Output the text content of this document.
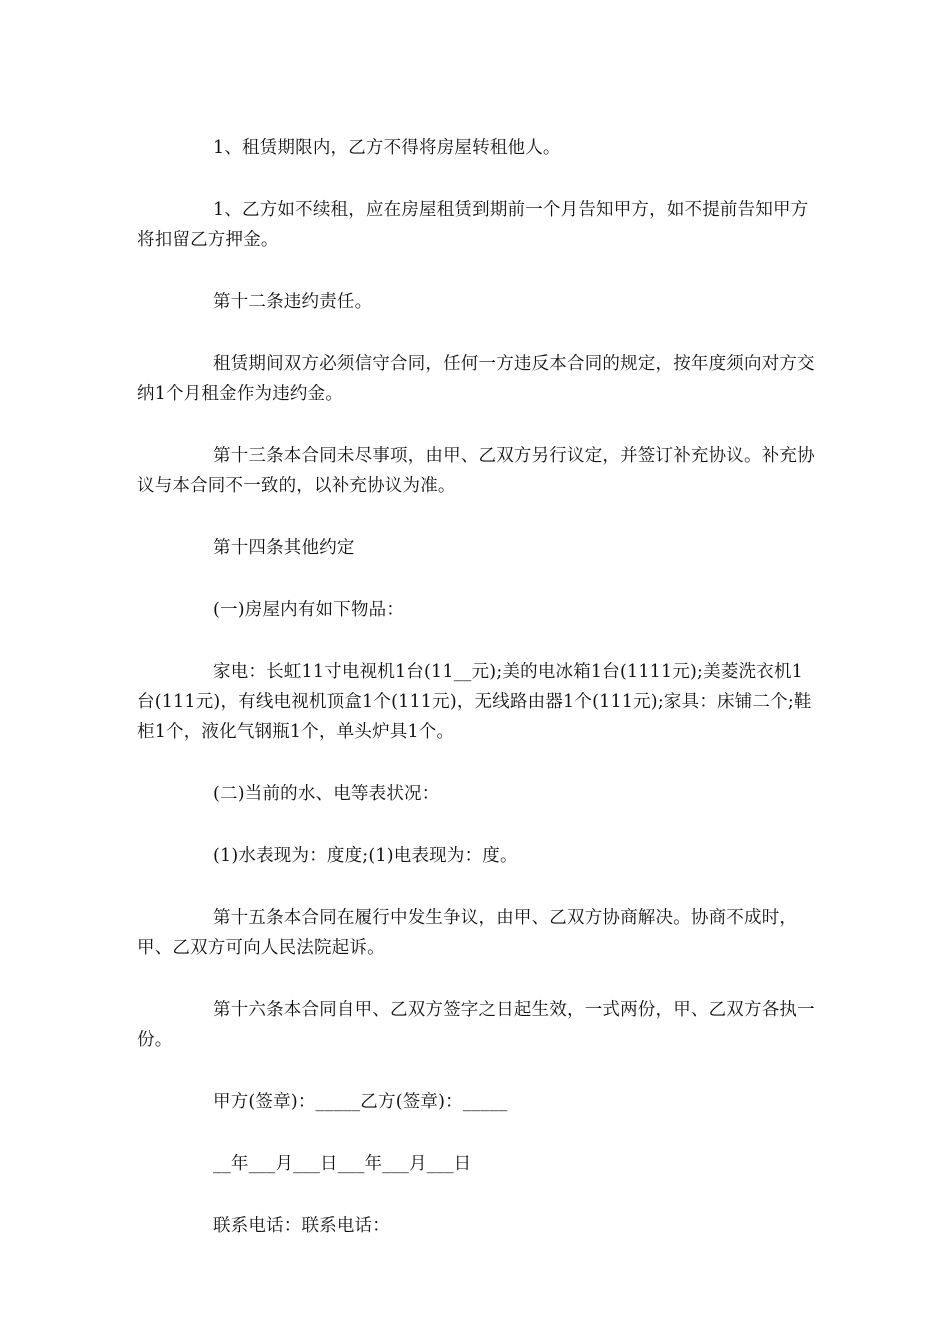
1、租赁期限内，乙方不得将房屋转租他人。

1、乙方如不续租，应在房屋租赁到期前一个月告知甲方，如不提前告知甲方将扣留乙方押金。

第十二条违约责任。

租赁期间双方必须信守合同，任何一方违反本合同的规定，按年度须向对方交纳1个月租金作为违约金。

第十三条本合同未尽事项，由甲、乙双方另行议定，并签订补充协议。补充协议与本合同不一致的，以补充协议为准。

第十四条其他约定

(一)房屋内有如下物品：

家电：长虹11寸电视机1台(11__元);美的电冰箱1台(1111元);美菱洗衣机1台(111元)，有线电视机顶盒1个(111元)，无线路由器1个(111元);家具：床铺二个;鞋柜1个，液化气钢瓶1个，单头炉具1个。

(二)当前的水、电等表状况：

(1)水表现为：度度;(1)电表现为：度。

第十五条本合同在履行中发生争议，由甲、乙双方协商解决。协商不成时，甲、乙双方可向人民法院起诉。

第十六条本合同自甲、乙双方签字之日起生效，一式两份，甲、乙双方各执一份。

甲方(签章)：_____乙方(签章)：_____

__年___月___日___年___月___日

联系电话：联系电话：
